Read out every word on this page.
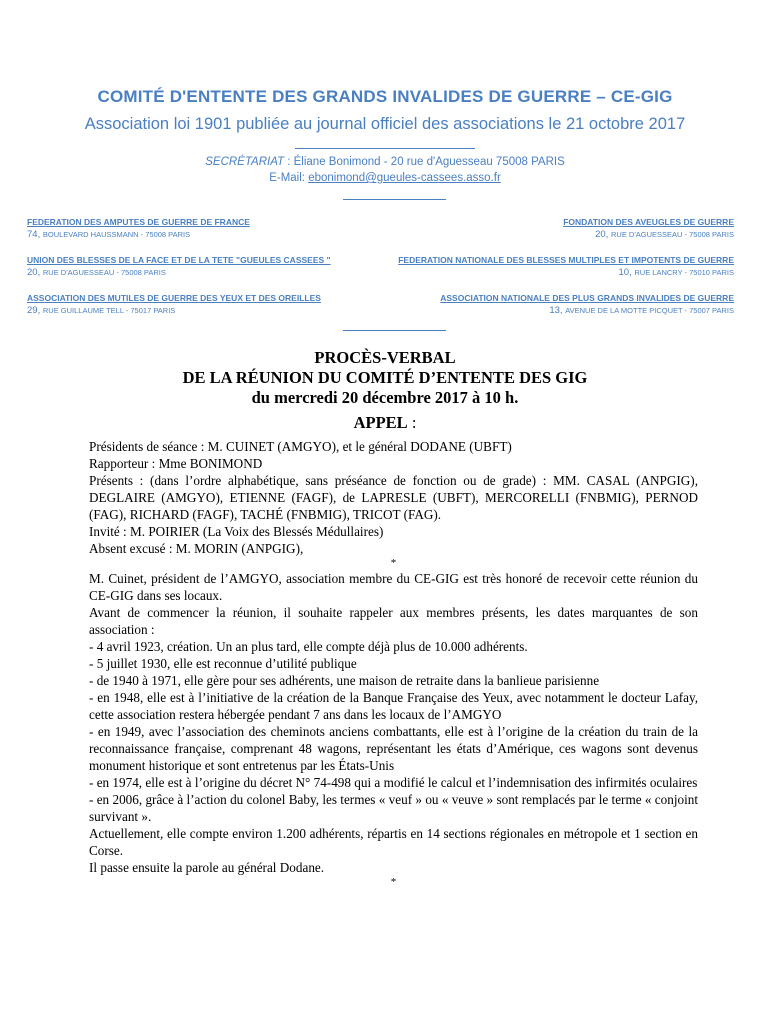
COMITÉ D'ENTENTE DES GRANDS INVALIDES DE GUERRE – CE-GIG
Association loi 1901 publiée au journal officiel des associations le 21 octobre 2017
SECRÉTARIAT : Éliane Bonimond - 20 rue d'Aguesseau 75008 PARIS
E-Mail: ebonimond@gueules-cassees.asso.fr
FEDERATION DES AMPUTES DE GUERRE DE FRANCE
74, BOULEVARD HAUSSMANN - 75008 PARIS
FONDATION DES AVEUGLES DE GUERRE
20, RUE D'AGUESSEAU - 75008 PARIS
UNION DES BLESSES DE LA FACE ET DE LA TETE "GUEULES CASSEES "
20, RUE D'AGUESSEAU - 75008 PARIS
FEDERATION NATIONALE DES BLESSES MULTIPLES ET IMPOTENTS DE GUERRE
10, RUE LANCRY - 75010 PARIS
ASSOCIATION DES MUTILES DE GUERRE DES YEUX ET DES OREILLES
29, RUE GUILLAUME TELL - 75017 PARIS
ASSOCIATION NATIONALE DES PLUS GRANDS INVALIDES DE GUERRE
13, AVENUE DE LA MOTTE PICQUET - 75007 PARIS
PROCÈS-VERBAL
DE LA RÉUNION DU COMITÉ D’ENTENTE DES GIG
du mercredi 20 décembre 2017 à 10 h.
APPEL :

Présidents de séance : M. CUINET (AMGYO), et le général DODANE (UBFT)

Rapporteur : Mme BONIMOND

Présents : (dans l’ordre alphabétique, sans préséance de fonction ou de grade) : MM. CASAL (ANPGIG), DEGLAIRE (AMGYO), ETIENNE (FAGF), de LAPRESLE (UBFT), MERCORELLI (FNBMIG), PERNOD (FAG), RICHARD (FAGF), TACHÉ (FNBMIG), TRICOT (FAG).

Invité : M. POIRIER (La Voix des Blessés Médullaires)

Absent excusé : M. MORIN (ANPGIG),

*

M. Cuinet, président de l’AMGYO, association membre du CE-GIG est très honoré de recevoir cette réunion du CE-GIG dans ses locaux.

Avant de commencer la réunion, il souhaite rappeler aux membres présents, les dates marquantes de son association :

- 4 avril 1923, création. Un an plus tard, elle compte déjà plus de 10.000 adhérents.

- 5 juillet 1930, elle est reconnue d’utilité publique

- de 1940 à 1971, elle gère pour ses adhérents, une maison de retraite dans la banlieue parisienne

- en 1948, elle est à l’initiative de la création de la Banque Française des Yeux, avec notamment le docteur Lafay, cette association restera hébergée pendant 7 ans dans les locaux de l’AMGYO

- en 1949, avec l’association des cheminots anciens combattants, elle est à l’origine de la création du train de la reconnaissance française, comprenant 48 wagons, représentant les états d’Amérique, ces wagons sont devenus monument historique et sont entretenus par les États-Unis

- en 1974, elle est à l’origine du décret N° 74-498 qui a modifié le calcul et l’indemnisation des infirmités oculaires

- en 2006, grâce à l’action du colonel Baby, les termes « veuf » ou « veuve » sont remplacés par le terme « conjoint survivant ».

Actuellement, elle compte environ 1.200 adhérents, répartis en 14 sections régionales en métropole et 1 section en Corse.

Il passe ensuite la parole au général Dodane.

*
